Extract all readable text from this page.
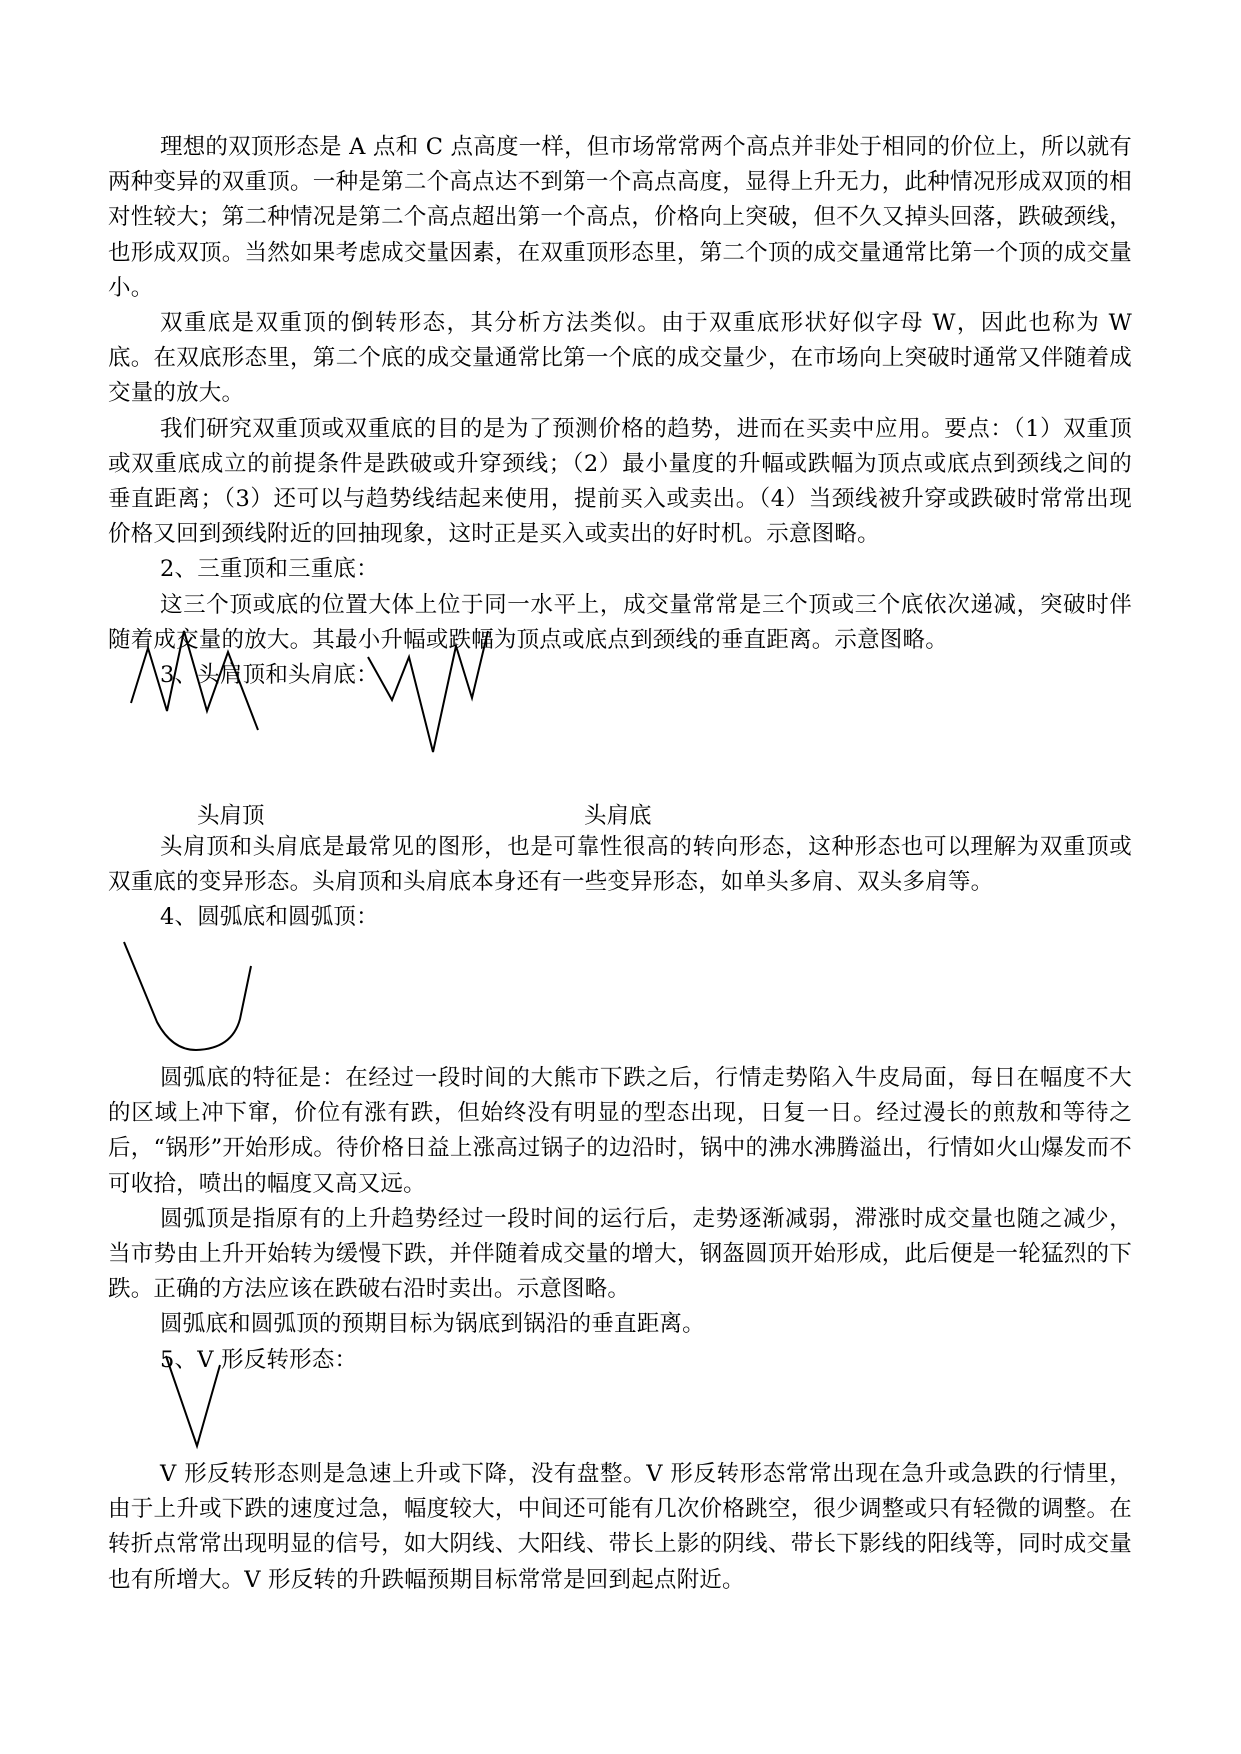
理想的双顶形态是 A 点和 C 点高度一样，但市场常常两个高点并非处于相同的价位上，所以就有两种变异的双重顶。一种是第二个高点达不到第一个高点高度，显得上升无力，此种情况形成双顶的相对性较大；第二种情况是第二个高点超出第一个高点，价格向上突破，但不久又掉头回落，跌破颈线，也形成双顶。当然如果考虑成交量因素，在双重顶形态里，第二个顶的成交量通常比第一个顶的成交量小。

双重底是双重顶的倒转形态，其分析方法类似。由于双重底形状好似字母 W，因此也称为 W 底。在双底形态里，第二个底的成交量通常比第一个底的成交量少，在市场向上突破时通常又伴随着成交量的放大。

我们研究双重顶或双重底的目的是为了预测价格的趋势，进而在买卖中应用。要点：（1）双重顶或双重底成立的前提条件是跌破或升穿颈线；（2）最小量度的升幅或跌幅为顶点或底点到颈线之间的垂直距离；（3）还可以与趋势线结起来使用，提前买入或卖出。（4）当颈线被升穿或跌破时常常出现价格又回到颈线附近的回抽现象，这时正是买入或卖出的好时机。示意图略。

2、三重顶和三重底：

这三个顶或底的位置大体上位于同一水平上，成交量常常是三个顶或三个底依次递减，突破时伴随着成交量的放大。其最小升幅或跌幅为顶点或底点到颈线的垂直距离。示意图略。

3、头肩顶和头肩底：

头肩顶	头肩底

头肩顶和头肩底是最常见的图形，也是可靠性很高的转向形态，这种形态也可以理解为双重顶或双重底的变异形态。头肩顶和头肩底本身还有一些变异形态，如单头多肩、双头多肩等。

4、圆弧底和圆弧顶：

圆弧底的特征是：在经过一段时间的大熊市下跌之后，行情走势陷入牛皮局面，每日在幅度不大的区域上冲下窜，价位有涨有跌，但始终没有明显的型态出现，日复一日。经过漫长的煎敖和等待之后，“锅形”开始形成。待价格日益上涨高过锅子的边沿时，锅中的沸水沸腾溢出，行情如火山爆发而不可收拾，喷出的幅度又高又远。

圆弧顶是指原有的上升趋势经过一段时间的运行后，走势逐渐减弱，滞涨时成交量也随之减少，当市势由上升开始转为缓慢下跌，并伴随着成交量的增大，钢盔圆顶开始形成，此后便是一轮猛烈的下跌。正确的方法应该在跌破右沿时卖出。示意图略。

圆弧底和圆弧顶的预期目标为锅底到锅沿的垂直距离。

5、V 形反转形态：

V 形反转形态则是急速上升或下降，没有盘整。V 形反转形态常常出现在急升或急跌的行情里，由于上升或下跌的速度过急，幅度较大，中间还可能有几次价格跳空，很少调整或只有轻微的调整。在转折点常常出现明显的信号，如大阴线、大阳线、带长上影的阴线、带长下影线的阳线等，同时成交量也有所增大。V 形反转的升跌幅预期目标常常是回到起点附近。
